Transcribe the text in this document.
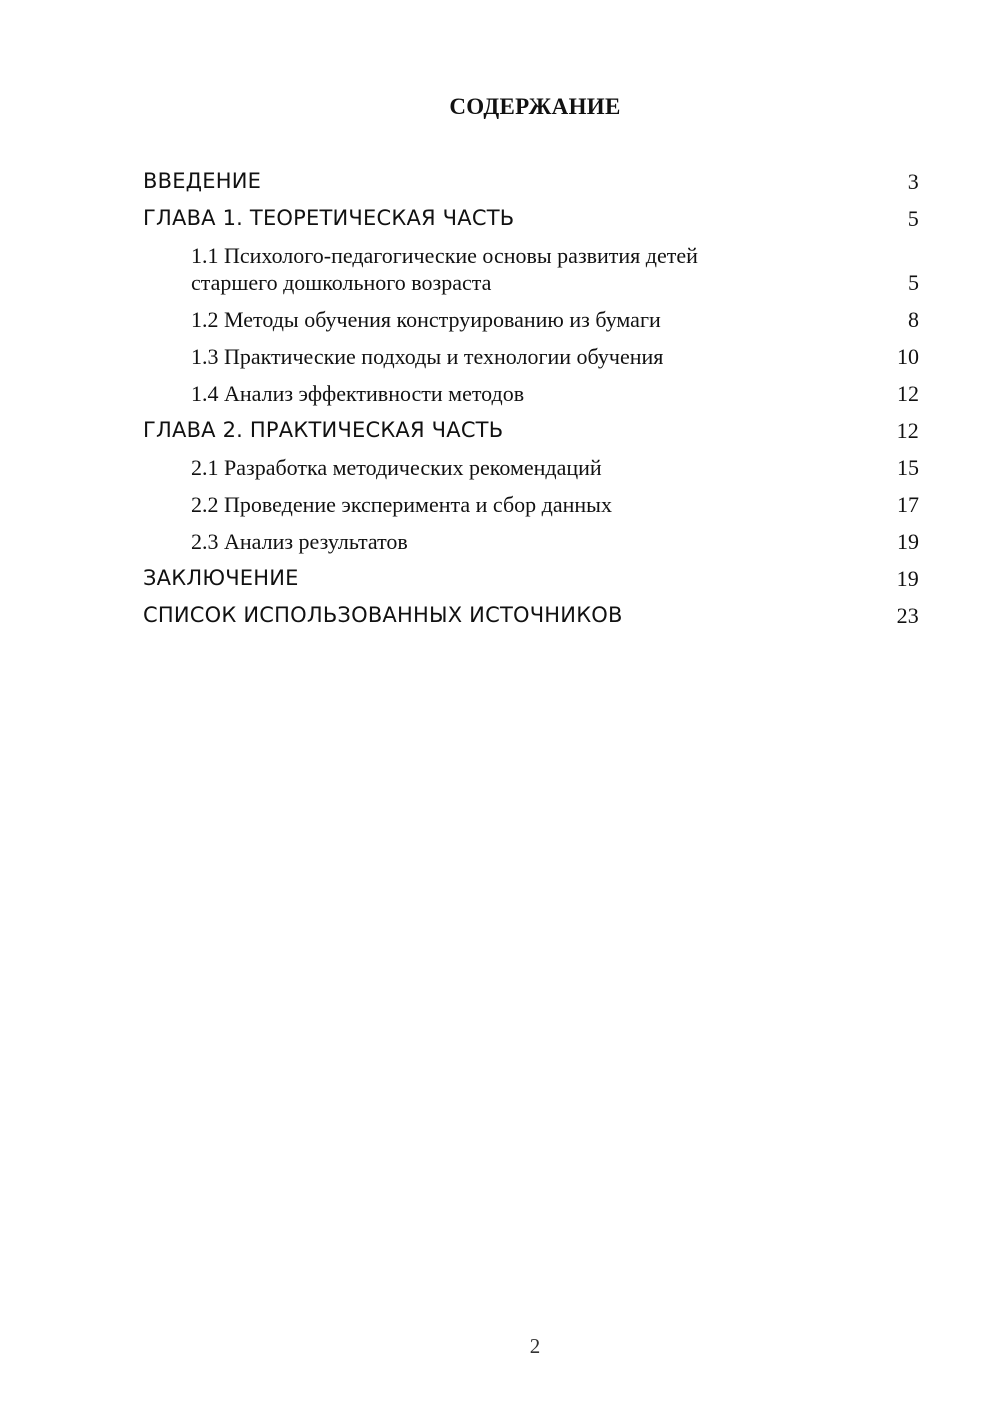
СОДЕРЖАНИЕ
ВВЕДЕНИЕ	3
ГЛАВА 1. ТЕОРЕТИЧЕСКАЯ ЧАСТЬ	5
1.1 Психолого-педагогические основы развития детей
старшего дошкольного возраста	5
1.2 Методы обучения конструированию из бумаги	8
1.3 Практические подходы и технологии обучения	10
1.4 Анализ эффективности методов	12
ГЛАВА 2. ПРАКТИЧЕСКАЯ ЧАСТЬ	12
2.1 Разработка методических рекомендаций	15
2.2 Проведение эксперимента и сбор данных	17
2.3 Анализ результатов	19
ЗАКЛЮЧЕНИЕ	19
СПИСОК ИСПОЛЬЗОВАННЫХ ИСТОЧНИКОВ	23
2
